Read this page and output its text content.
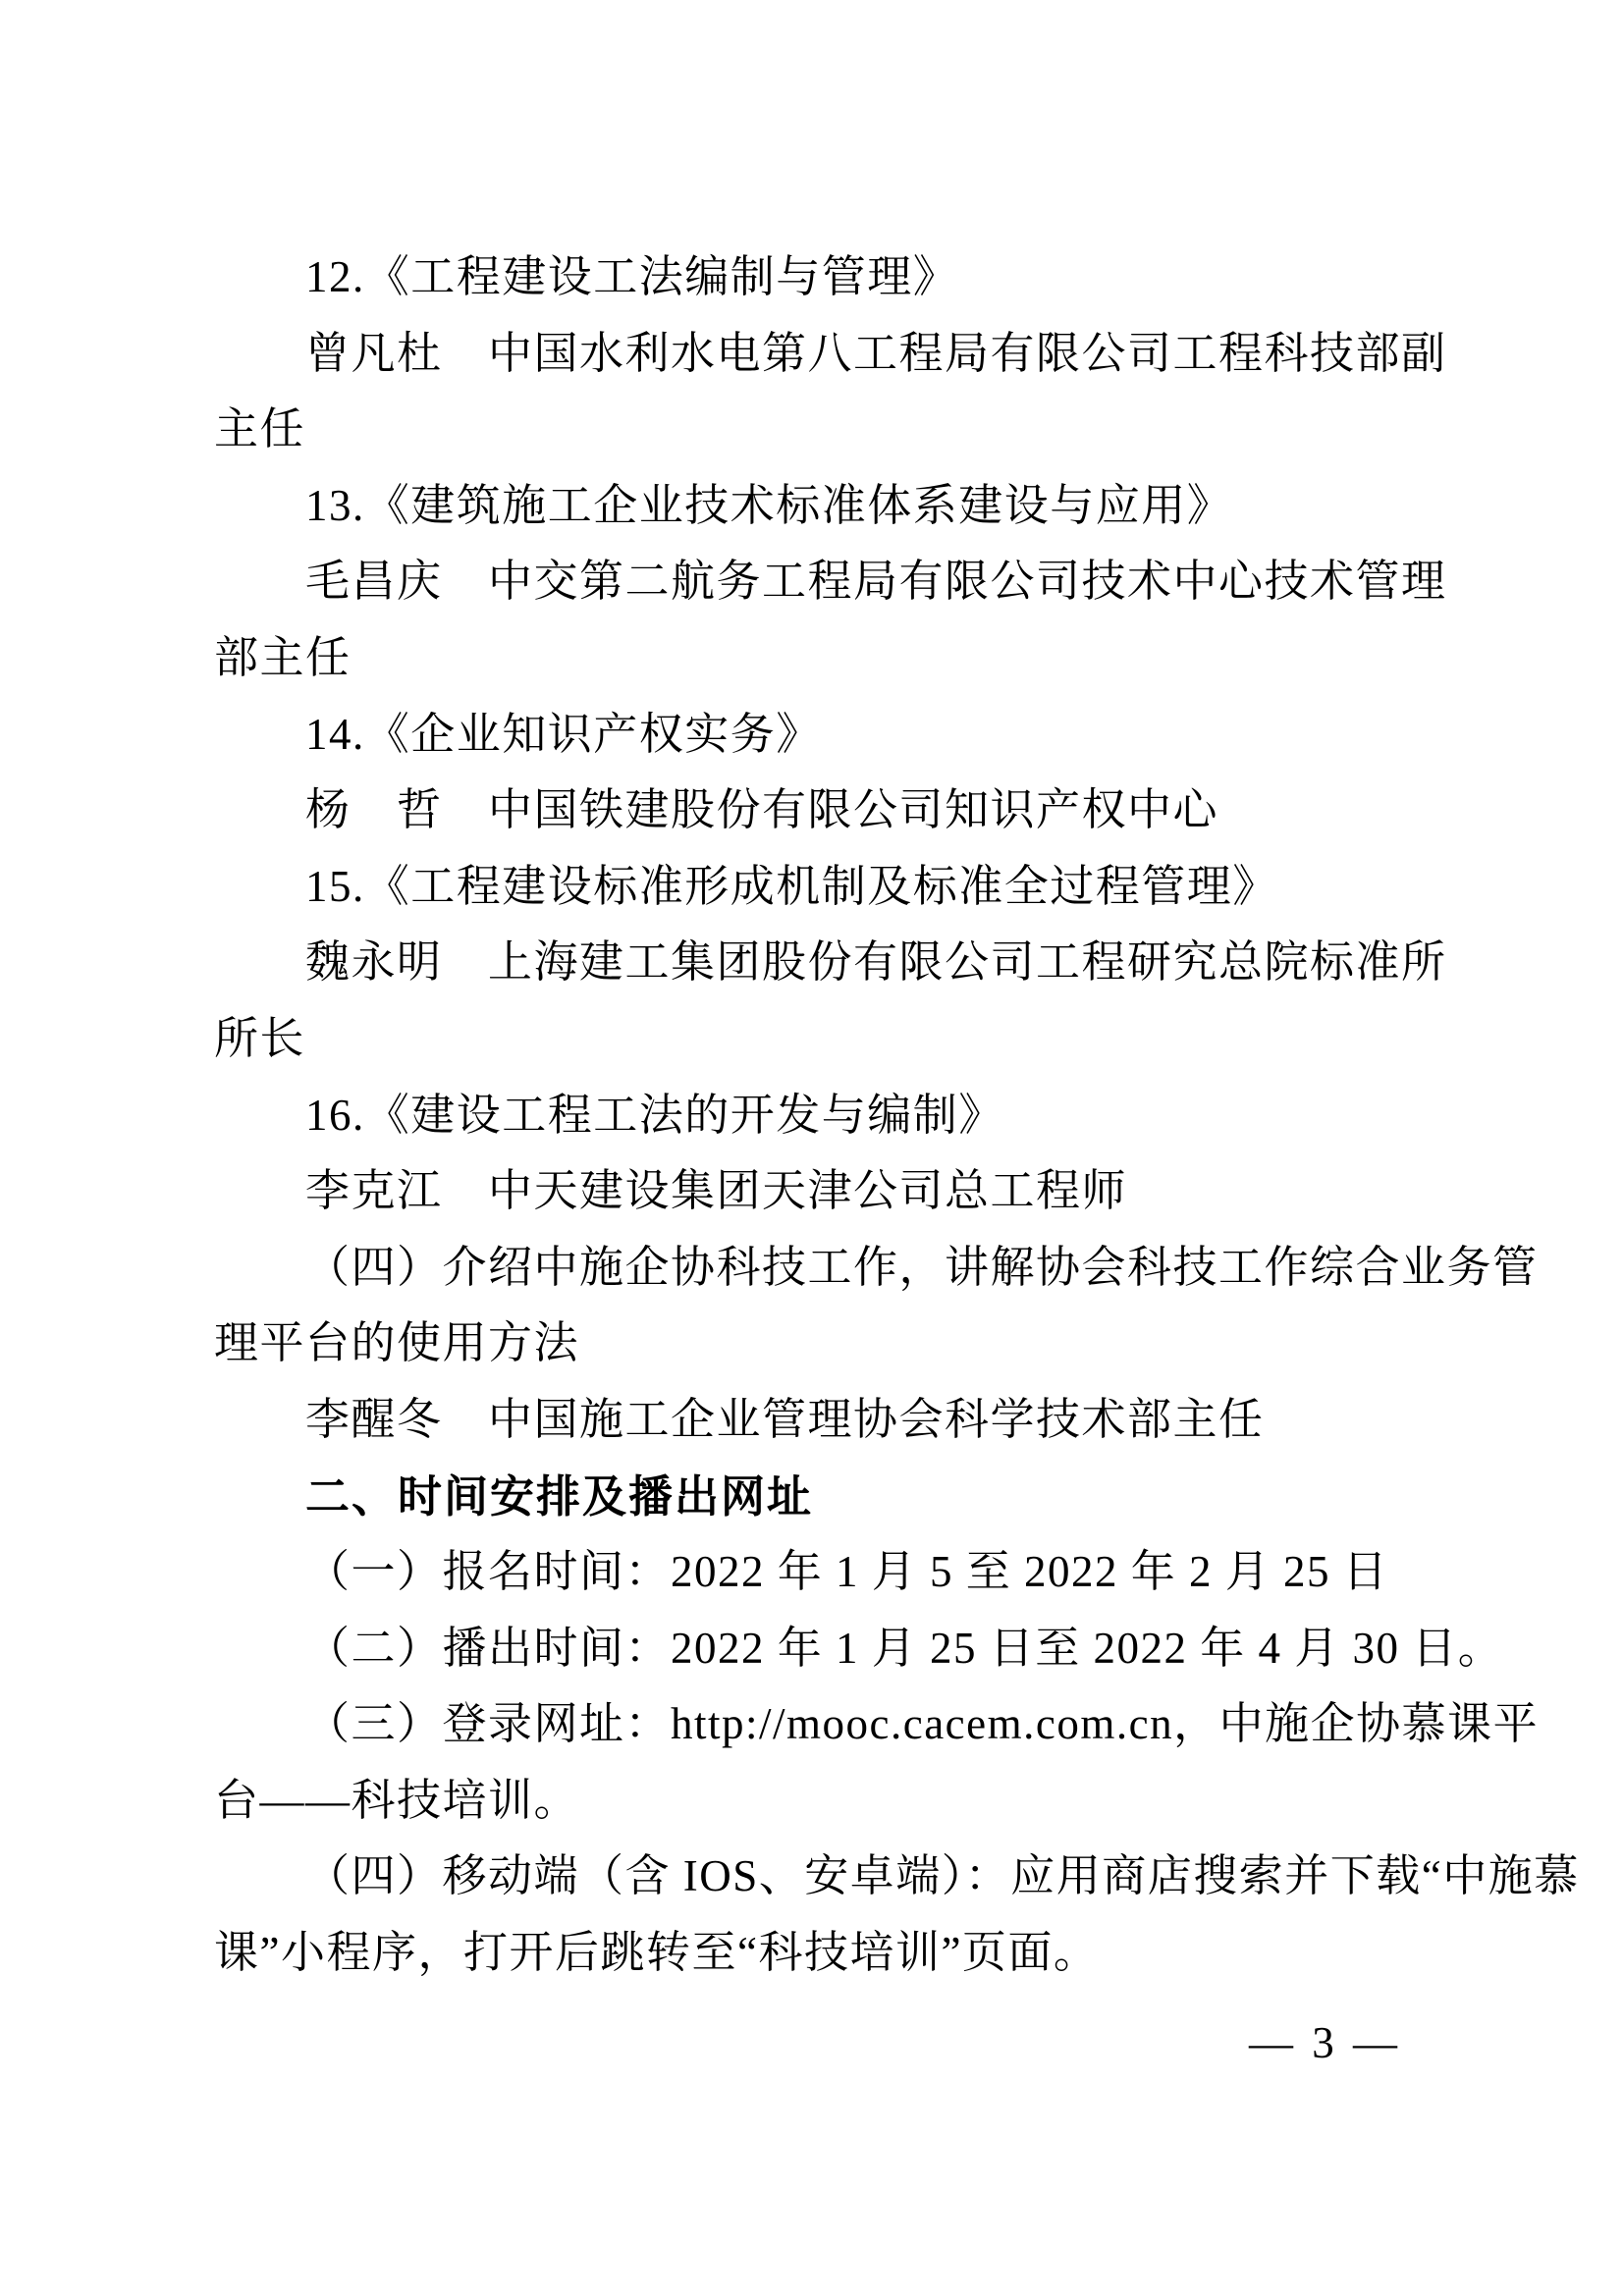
12.《工程建设工法编制与管理》
曾凡杜　中国水利水电第八工程局有限公司工程科技部副
主任
13.《建筑施工企业技术标准体系建设与应用》
毛昌庆　中交第二航务工程局有限公司技术中心技术管理
部主任
14.《企业知识产权实务》
杨　哲　中国铁建股份有限公司知识产权中心
15.《工程建设标准形成机制及标准全过程管理》
魏永明　上海建工集团股份有限公司工程研究总院标准所
所长
16.《建设工程工法的开发与编制》
李克江　中天建设集团天津公司总工程师
（四）介绍中施企协科技工作，讲解协会科技工作综合业务管
理平台的使用方法
李醒冬　中国施工企业管理协会科学技术部主任
二、时间安排及播出网址
（一）报名时间：2022 年 1 月 5 至 2022 年 2 月 25 日
（二）播出时间：2022 年 1 月 25 日至 2022 年 4 月 30 日。
（三）登录网址：http://mooc.cacem.com.cn，中施企协慕课平
台——科技培训。
（四）移动端（含 IOS、安卓端）：应用商店搜索并下载“中施慕
课”小程序，打开后跳转至“科技培训”页面。
— 3 —
